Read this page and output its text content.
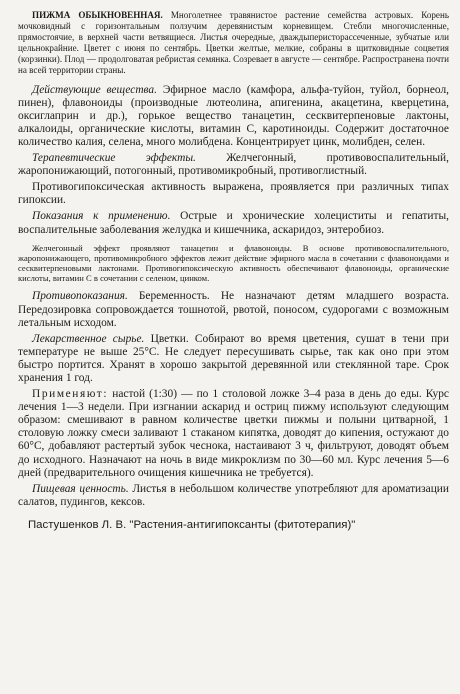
ПИЖМА ОБЫКНОВЕННАЯ. Многолетнее травянистое растение семейства астровых. Корень мочковидный с горизонтальным ползучим деревянистым корневищем. Стебли многочисленные, прямостоячие, в верхней части ветвящиеся. Листья очередные, дваждыперисторассеченные, зубчатые или цельнокрайние. Цветет с июня по сентябрь. Цветки желтые, мелкие, собраны в щитковидные соцветия (корзинки). Плод — продолговатая ребристая семянка. Созревает в августе — сентябре. Распространена почти на всей территории страны.

Действующие вещества. Эфирное масло (камфора, альфа-туйон, туйол, борнеол, пинен), флавоноиды (производные лютеолина, апигенина, акацетина, кверцетина, оксиглаприн и др.), горькое вещество танацетин, сесквитерпеновые лактоны, алкалоиды, органические кислоты, витамин С, каротиноиды. Содержит достаточное количество калия, селена, много молибдена. Концентрирует цинк, молибден, селен.

Терапевтические эффекты.	Желчегонный, противовоспалительный, жаропонижающий, потогонный, противомикробный, противоглистный.

Противогипоксическая активность выражена, проявляется при различных типах гипоксии.

Показания к применению. Острые и хронические холециститы и гепатиты, воспалительные заболевания желудка и кишечника, аскаридоз, энтеробиоз.

Желчегонный эффект проявляют танацетин и флавоноиды. В основе противовоспалительного, жаропонижающего, противомикробного эффектов лежит действие эфирного масла в сочетании с флавоноидами и сесквитерпеновыми лактонами. Противогипоксическую активность обеспечивают флавоноиды, органические кислоты, витамин С в сочетании с селеном, цинком.

Противопоказания. Беременность. Не назначают детям младшего возраста. Передозировка сопровождается тошнотой, рвотой, поносом, судорогами с возможным летальным исходом.

Лекарственное сырье. Цветки. Собирают во время цветения, сушат в тени при температуре не выше 25°С. Не следует пересушивать сырье, так как оно при этом быстро портится. Хранят в хорошо закрытой деревянной или стеклянной таре. Срок хранения 1 год.

Применяют: настой (1:30) — по 1 столовой ложке 3–4 раза в день до еды. Курс лечения 1—3 недели. При изгнании аскарид и остриц пижму используют следующим образом: смешивают в равном количестве цветки пижмы и полыни цитварной, 1 столовую ложку смеси заливают 1 стаканом кипятка, доводят до кипения, остужают до 60°С, добавляют растертый зубок чеснока, настаивают 3 ч, фильтруют, доводят объем до исходного. Назначают на ночь в виде микроклизм по 30—60 мл. Курс лечения 5—6 дней (предварительного очищения кишечника не требуется).

Пищевая ценность. Листья в небольшом количестве употребляют для ароматизации салатов, пудингов, кексов.

Пастушенков Л. В. "Растения-антигипоксанты (фитотерапия)"
